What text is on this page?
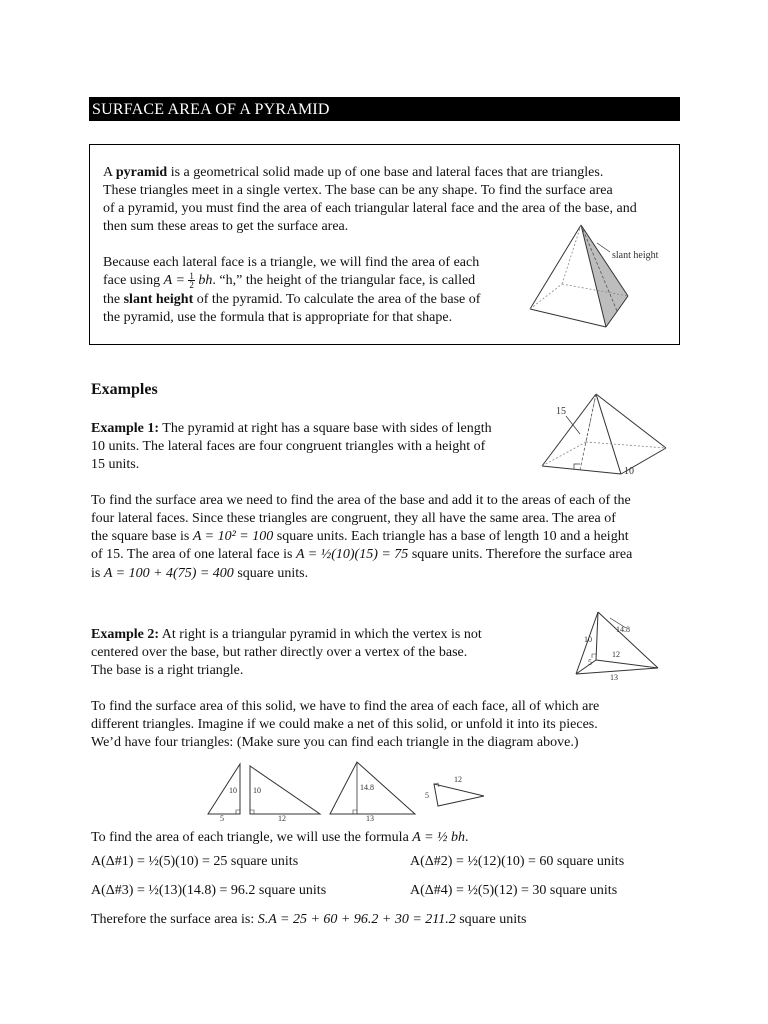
SURFACE AREA OF A PYRAMID

A pyramid is a geometrical solid made up of one base and lateral faces that are triangles.

These triangles meet in a single vertex. The base can be any shape. To find the surface area

of a pyramid, you must find the area of each triangular lateral face and the area of the base, and

then sum these areas to get the surface area.

Because each lateral face is a triangle, we will find the area of each

face using $A = \frac{1}{2}$ bh. “h,” the height of the triangular face, is called

the slant height of the pyramid. To calculate the area of the base of

the pyramid, use the formula that is appropriate for that shape.

slant height
Examples

Example 1: The pyramid at right has a square base with sides of length

10 units. The lateral faces are four congruent triangles with a height of

15 units.

15
10

To find the surface area we need to find the area of the base and add it to the areas of each of the

four lateral faces. Since these triangles are congruent, they all have the same area. The area of

the square base is A = 10² = 100 square units. Each triangle has a base of length 10 and a height

of 15. The area of one lateral face is A = ½(10)(15) = 75 square units. Therefore the surface area

is A = 100 + 4(75) = 400 square units.

Example 2: At right is a triangular pyramid in which the vertex is not

centered over the base, but rather directly over a vertex of the base.

The base is a right triangle.

14.8
10
12
5
13

To find the surface area of this solid, we have to find the area of each face, all of which are

different triangles. Imagine if we could make a net of this solid, or unfold it into its pieces.

We’d have four triangles: (Make sure you can find each triangle in the diagram above.)

10
5
10
12
14.8
13
5
12

To find the area of each triangle, we will use the formula A = ½ bh.

A(Δ#1) = ½(5)(10) = 25 square units	A(Δ#2) = ½(12)(10) = 60 square units

A(Δ#3) = ½(13)(14.8) = 96.2 square units	A(Δ#4) = ½(5)(12) = 30 square units

Therefore the surface area is: S.A = 25 + 60 + 96.2 + 30 = 211.2 square units
